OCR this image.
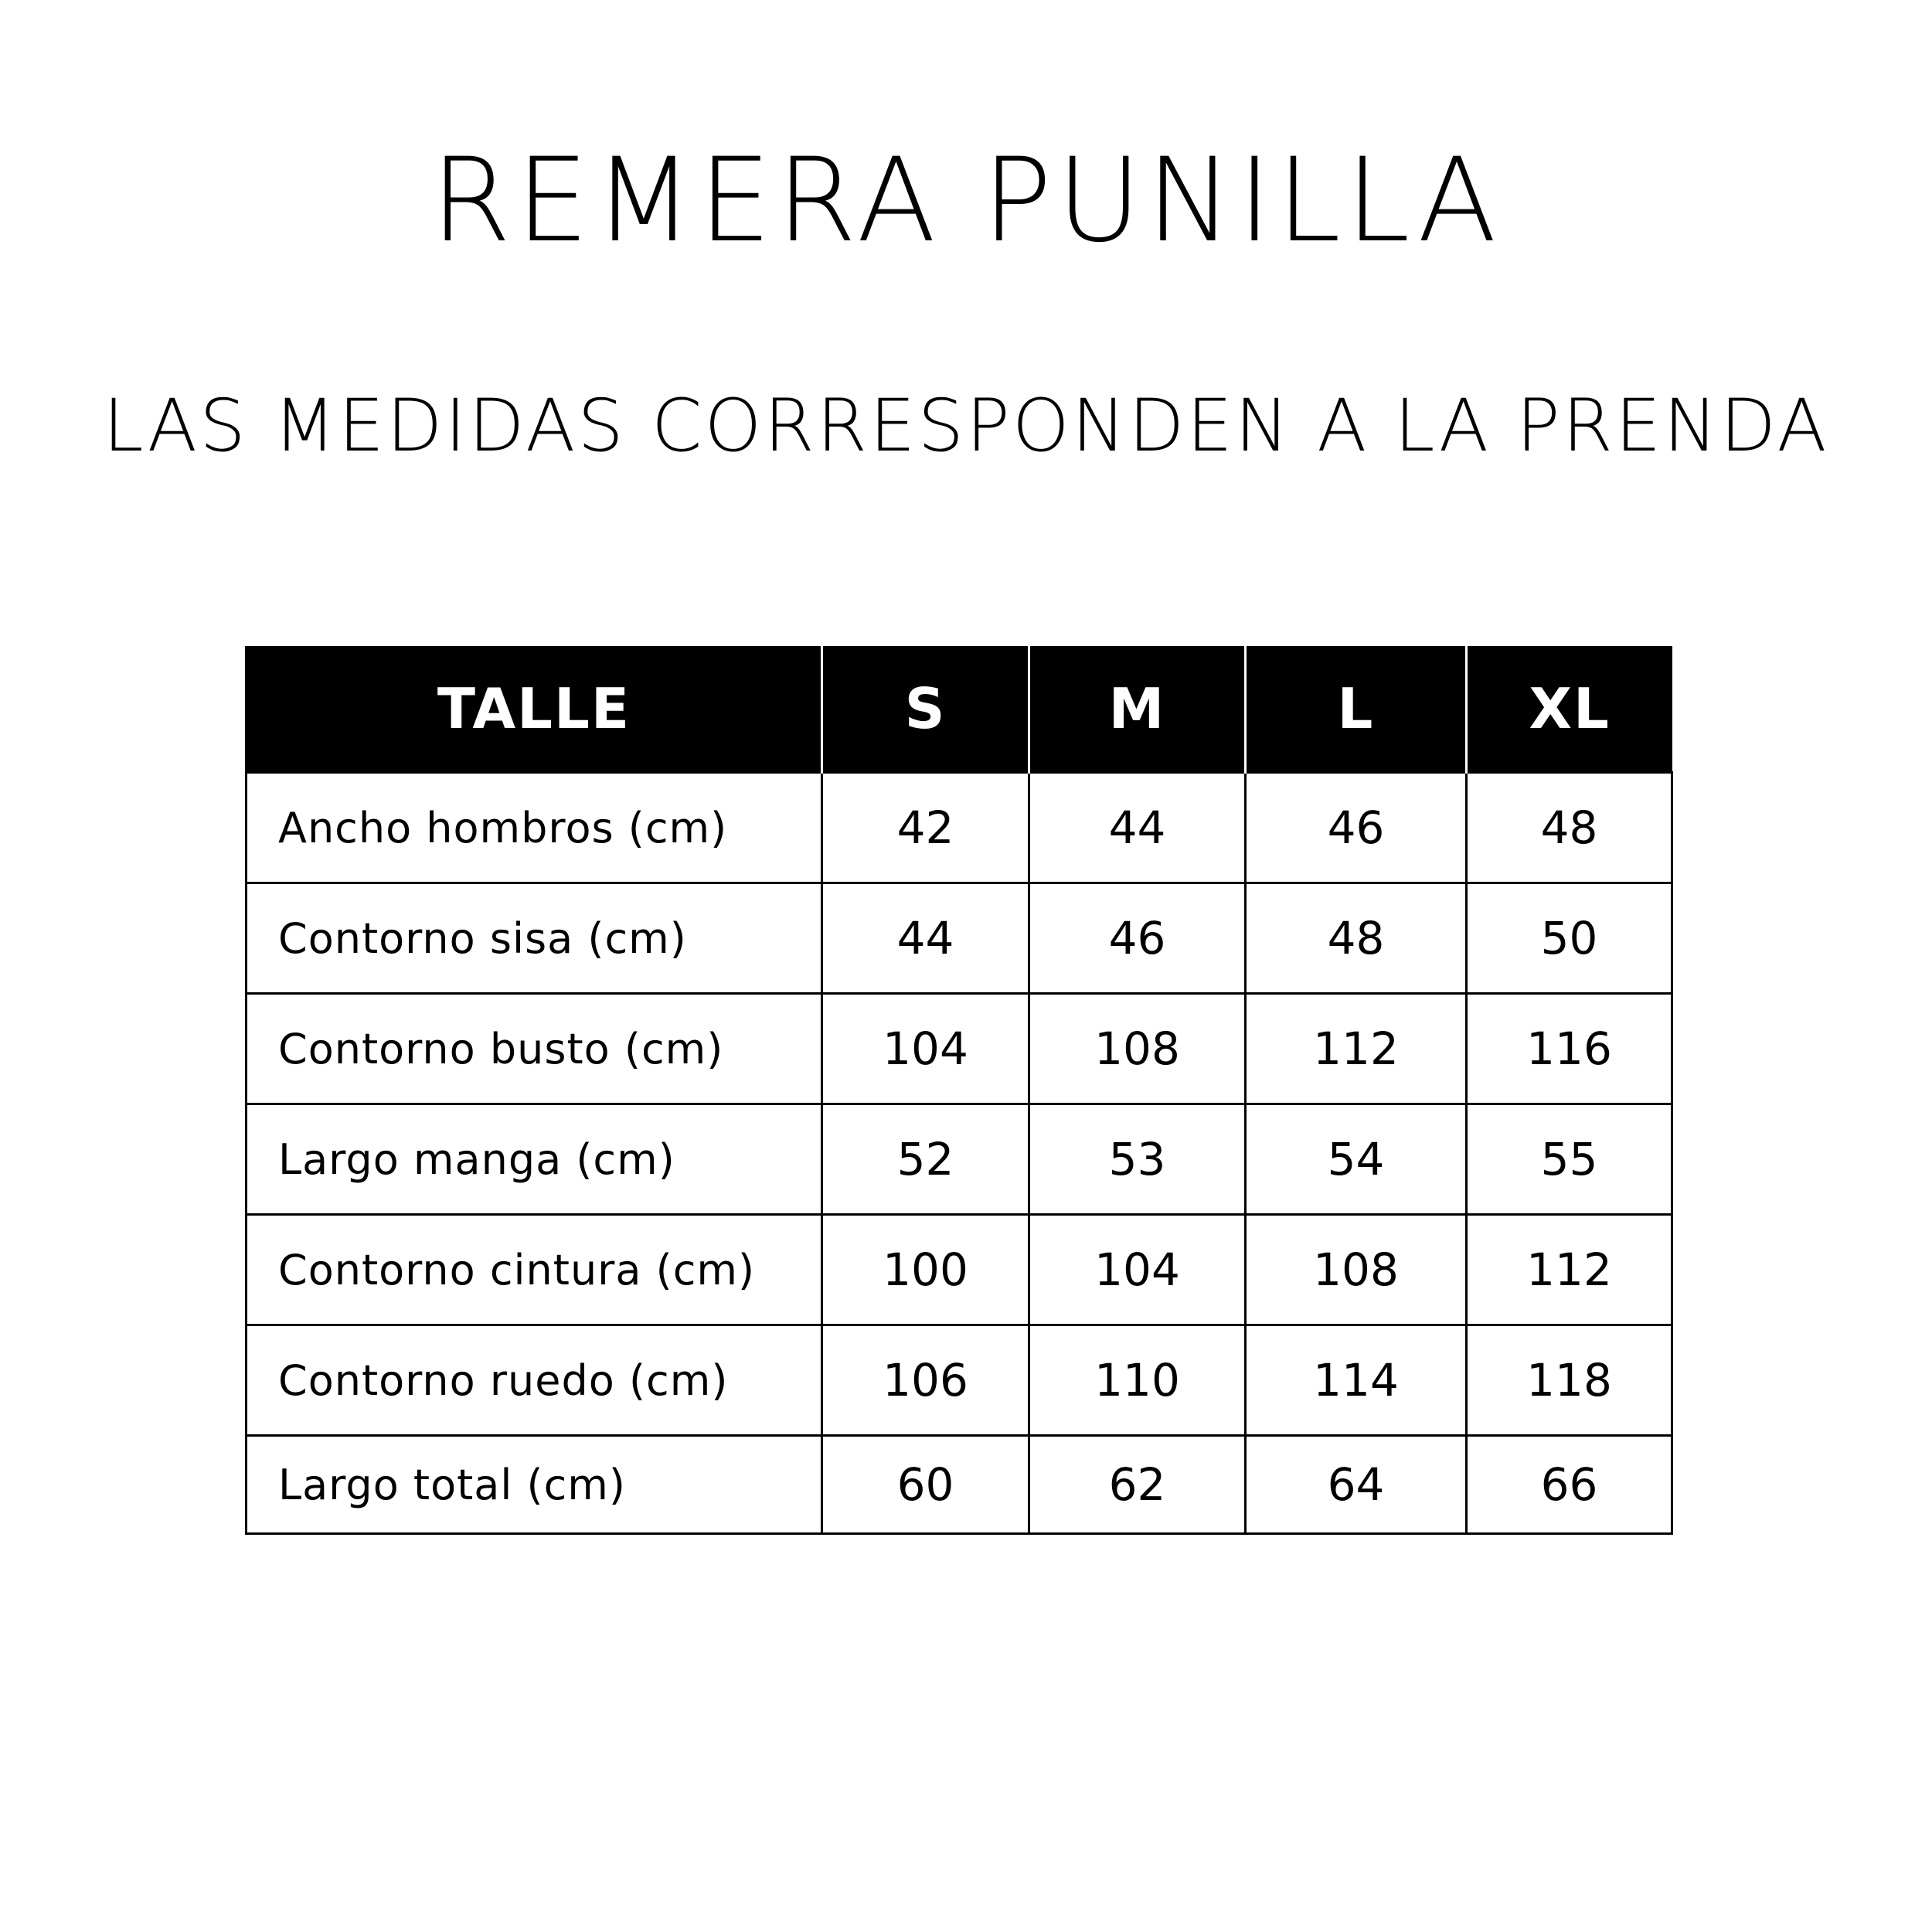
REMERA PUNILLA
LAS MEDIDAS CORRESPONDEN A LA PRENDA
TALLE	S	M	L	XL
Ancho hombros (cm)	42	44	46	48
Contorno sisa (cm)	44	46	48	50
Contorno busto (cm)	104	108	112	116
Largo manga (cm)	52	53	54	55
Contorno cintura (cm)	100	104	108	112
Contorno ruedo (cm)	106	110	114	118
Largo total (cm)	60	62	64	66
